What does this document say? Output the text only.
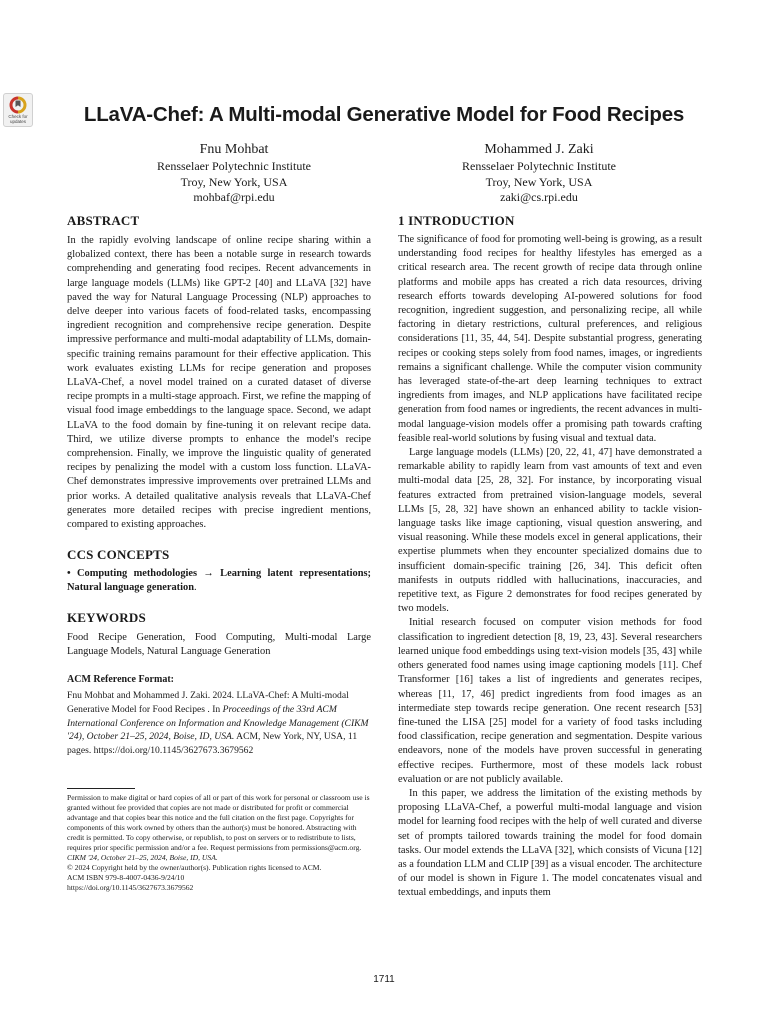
Check for
updates	LLaVA-Chef: A Multi-modal Generative Model for Food Recipes
Fnu Mohbat
Rensselaer Polytechnic Institute
Troy, New York, USA
mohbaf@rpi.edu
Mohammed J. Zaki
Rensselaer Polytechnic Institute
Troy, New York, USA
zaki@cs.rpi.edu
ABSTRACT

In the rapidly evolving landscape of online recipe sharing within a globalized context, there has been a notable surge in research towards comprehending and generating food recipes. Recent advancements in large language models (LLMs) like GPT-2 [40] and LLaVA [32] have paved the way for Natural Language Processing (NLP) approaches to delve deeper into various facets of food-related tasks, encompassing ingredient recognition and comprehensive recipe generation. Despite impressive performance and multi-modal adaptability of LLMs, domain-specific training remains paramount for their effective application. This work evaluates existing LLMs for recipe generation and proposes LLaVA-Chef, a novel model trained on a curated dataset of diverse recipe prompts in a multi-stage approach. First, we refine the mapping of visual food image embeddings to the language space. Second, we adapt LLaVA to the food domain by fine-tuning it on relevant recipe data. Third, we utilize diverse prompts to enhance the model's recipe comprehension. Finally, we improve the linguistic quality of generated recipes by penalizing the model with a custom loss function. LLaVA-Chef demonstrates impressive improvements over pretrained LLMs and prior works. A detailed qualitative analysis reveals that LLaVA-Chef generates more detailed recipes with precise ingredient mentions, compared to existing approaches.

CCS CONCEPTS

• Computing methodologies → Learning latent representations; Natural language generation.

KEYWORDS

Food Recipe Generation, Food Computing, Multi-modal Large Language Models, Natural Language Generation

ACM Reference Format:

Fnu Mohbat and Mohammed J. Zaki. 2024. LLaVA-Chef: A Multi-modal Generative Model for Food Recipes . In Proceedings of the 33rd ACM International Conference on Information and Knowledge Management (CIKM '24), October 21–25, 2024, Boise, ID, USA. ACM, New York, NY, USA, 11 pages. https://doi.org/10.1145/3627673.3679562

Permission to make digital or hard copies of all or part of this work for personal or classroom use is granted without fee provided that copies are not made or distributed for profit or commercial advantage and that copies bear this notice and the full citation on the first page. Copyrights for components of this work owned by others than the author(s) must be honored. Abstracting with credit is permitted. To copy otherwise, or republish, to post on servers or to redistribute to lists, requires prior specific permission and/or a fee. Request permissions from permissions@acm.org.

CIKM '24, October 21–25, 2024, Boise, ID, USA.

© 2024 Copyright held by the owner/author(s). Publication rights licensed to ACM.

ACM ISBN 979-8-4007-0436-9/24/10

https://doi.org/10.1145/3627673.3679562

1 INTRODUCTION

The significance of food for promoting well-being is growing, as a result understanding food recipes for healthy lifestyles has emerged as a critical research area. The recent growth of recipe data through online platforms and mobile apps has created a rich data resources, driving research efforts towards developing AI-powered solutions for food recognition, ingredient suggestion, and personalizing recipe, all while factoring in dietary restrictions, cultural preferences, and religious considerations [11, 35, 44, 54]. Despite substantial progress, generating recipes or cooking steps solely from food names, images, or ingredients remains a significant challenge. While the computer vision community has leveraged state-of-the-art deep learning techniques to extract ingredients from images, and NLP applications have facilitated recipe generation from food names or ingredients, the recent advances in multi-modal language-vision models offer a promising path towards crafting feasible real-world solutions by fusing visual and textual data.

Large language models (LLMs) [20, 22, 41, 47] have demonstrated a remarkable ability to rapidly learn from vast amounts of text and even multi-modal data [25, 28, 32]. For instance, by incorporating visual features extracted from pretrained vision-language models, several LLMs [5, 28, 32] have shown an enhanced ability to tackle vision-language tasks like image captioning, visual question answering, and visual reasoning. While these models excel in general applications, their expertise plummets when they encounter specialized domains due to insufficient domain-specific training [26, 34]. This deficit often manifests in outputs riddled with hallucinations, inaccuracies, and repetitive text, as Figure 2 demonstrates for food recipes generated by two models.

Initial research focused on computer vision methods for food classification to ingredient detection [8, 19, 23, 43]. Several researchers learned unique food embeddings using text-vision models [35, 43] while others generated food names using image captioning models [11]. Chef Transformer [16] takes a list of ingredients and generates recipes, whereas [11, 17, 46] predict ingredients from food images as an intermediate step towards recipe generation. One recent research [53] fine-tuned the LISA [25] model for a variety of food tasks including food classification, recipe generation and segmentation. Despite various endeavors, none of the models have proven successful in generating effective recipes. Furthermore, most of these models lack robust evaluation or are not publicly available.

In this paper, we address the limitation of the existing methods by proposing LLaVA-Chef, a powerful multi-modal language and vision model for learning food recipes with the help of well curated and diverse set of prompts tailored towards training the model for food domain tasks. Our model extends the LLaVA [32], which consists of Vicuna [12] as a foundation LLM and CLIP [39] as a visual encoder. The architecture of our model is shown in Figure 1. The model concatenates visual and textual embeddings, and inputs them

1711
